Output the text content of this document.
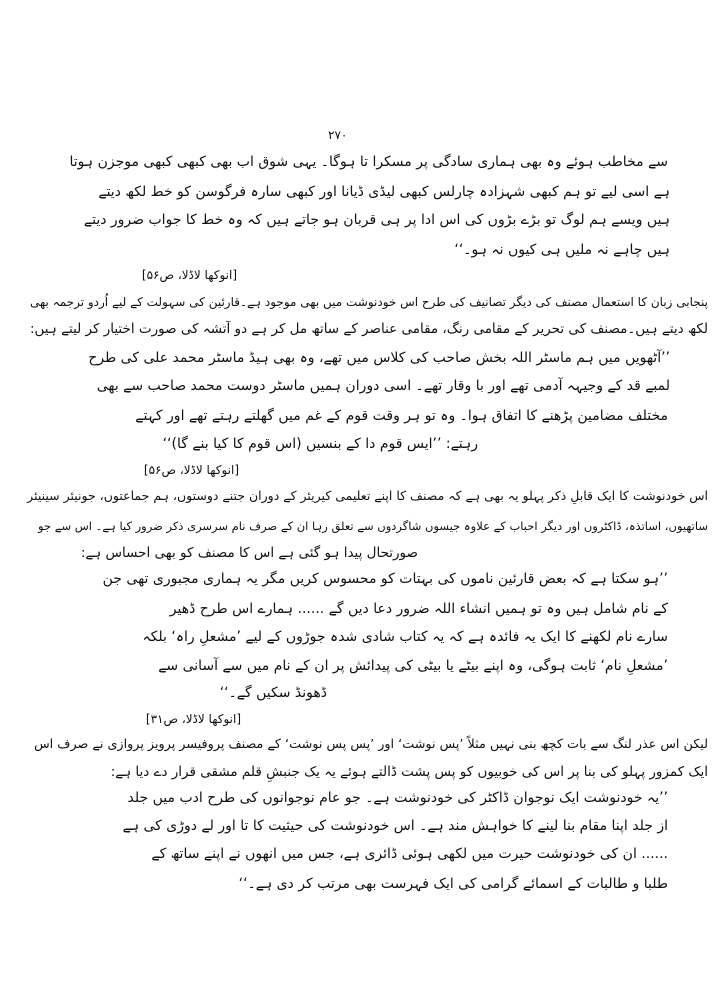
۲۷۰
سے مخاطب ہوئے وہ بھی ہماری سادگی پر مسکرا تا ہوگا۔ یہی شوق اب بھی کبھی کبھی موجزن ہوتا
ہے اسی لیے تو ہم کبھی شہزادہ چارلس کبھی لیڈی ڈیانا اور کبھی سارہ فرگوسن کو خط لکھ دیتے
ہیں ویسے ہم لوگ تو بڑے بڑوں کی اس ادا پر ہی قربان ہو جاتے ہیں کہ وہ خط کا جواب ضرور دیتے
ہیں چاہے نہ ملیں ہی کیوں نہ ہو۔‘‘
[انوکھا لاڈلا، ص۵۶]
پنجابی زبان کا استعمال مصنف کی دیگر تصانیف کی طرح اس خودنوشت میں بھی موجود ہے۔قارئین کی سہولت کے لیے اُردو ترجمہ بھی
لکھ دیتے ہیں۔مصنف کی تحریر کے مقامی رنگ، مقامی عناصر کے ساتھ مل کر ہے دو آتشہ کی صورت اختیار کر لیتے ہیں:
’’آٹھویں میں ہم ماسٹر اللہ بخش صاحب کی کلاس میں تھے، وہ بھی ہیڈ ماسٹر محمد علی کی طرح
لمبے قد کے وجیہہ آدمی تھے اور با وقار تھے۔ اسی دوران ہمیں ماسٹر دوست محمد صاحب سے بھی
مختلف مضامین پڑھنے کا اتفاق ہوا۔ وہ تو ہر وقت قوم کے غم میں گھلتے رہتے تھے اور کہتے
رہتے: ’’ایس قوم دا کے بنسیں (اس قوم کا کیا بنے گا)‘‘
[انوکھا لاڈلا، ص۵۶]
اس خودنوشت کا ایک قابلِ ذکر پہلو یہ بھی ہے کہ مصنف کا اپنے تعلیمی کیریئر کے دوران جتنے دوستوں، ہم جماعتوں، جونیئر سینیئر
ساتھیوں، اساتذہ، ڈاکٹروں اور دیگر احباب کے علاوہ جیسوں شاگردوں سے تعلق رہا ان کے صرف نام سرسری ذکر ضرور کیا ہے۔ اس سے جو
صورتحال پیدا ہو گئی ہے اس کا مصنف کو بھی احساس ہے:
’’ہو سکتا ہے کہ بعض قارئین ناموں کی بہتات کو محسوس کریں مگر یہ ہماری مجبوری تھی جن
کے نام شامل ہیں وہ تو ہمیں انشاء اللہ ضرور دعا دیں گے ...... ہمارے اس طرح ڈھیر
سارے نام لکھنے کا ایک یہ فائدہ ہے کہ یہ کتاب شادی شدہ جوڑوں کے لیے ’مشعلِ راہ‘ بلکہ
’مشعلِ نام‘ ثابت ہوگی، وہ اپنے بیٹے یا بیٹی کی پیدائش پر ان کے نام میں سے آسانی سے
ڈھونڈ سکیں گے۔‘‘
[انوکھا لاڈلا، ص۳۱]
لیکن اس عذر لنگ سے بات کچھ بنی نہیں مثلاً ’پس نوشت‘ اور ’پس پس نوشت‘ کے مصنف پروفیسر پرویز پروازی نے صرف اس
ایک کمزور پہلو کی بنا پر اس کی خوبیوں کو پس پشت ڈالتے ہوئے یہ یک جنبشِ قلم مشقی قرار دے دیا ہے:
’’یہ خودنوشت ایک نوجوان ڈاکٹر کی خودنوشت ہے۔ جو عام نوجوانوں کی طرح ادب میں جلد
از جلد اپنا مقام بنا لینے کا خواہش مند ہے۔ اس خودنوشت کی حیثیت کا تا اور لے دوڑی کی ہے
...... ان کی خودنوشت حیرت میں لکھی ہوئی ڈائری ہے، جس میں انھوں نے اپنے ساتھ کے
طلبا و طالبات کے اسمائے گرامی کی ایک فہرست بھی مرتب کر دی ہے۔‘‘
